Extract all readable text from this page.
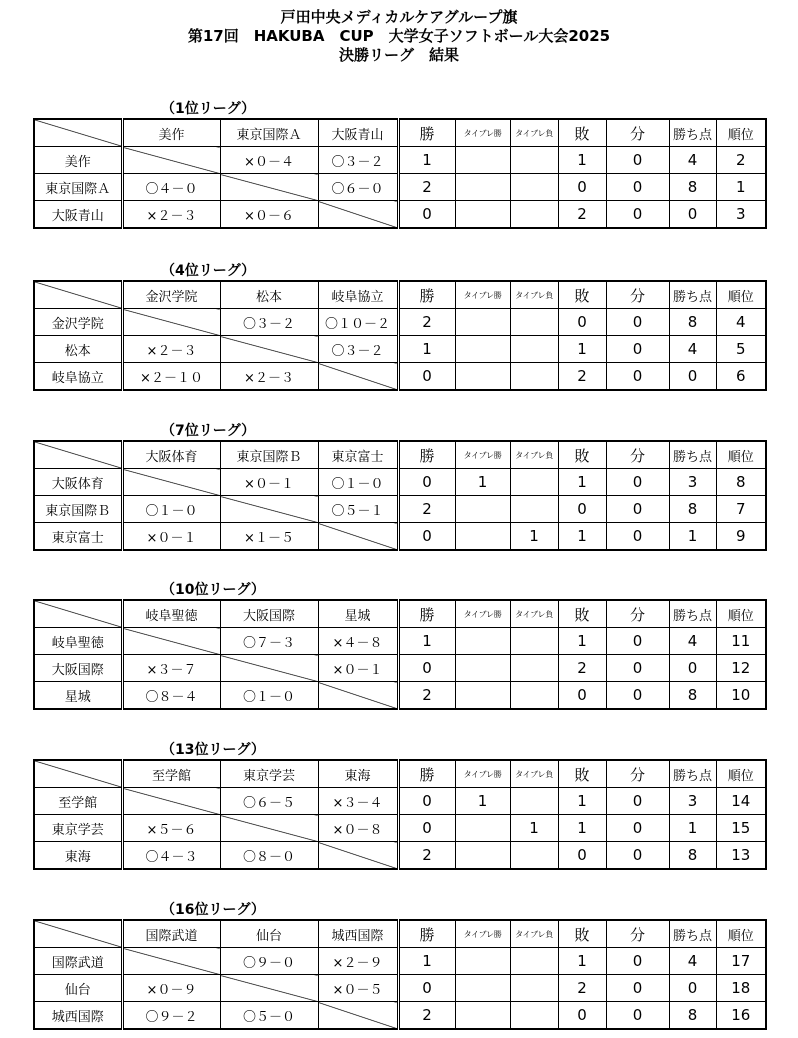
戸田中央メディカルケアグループ旗
第17回　HAKUBA　CUP　大学女子ソフトボール大会2025
決勝リーグ　結果
（1位リーグ）
	美作	東京国際Ａ	大阪青山	勝	タイブレ勝	タイブレ負	敗	分	勝ち点	順位
美作		×０－４	〇３－２	1			1	0	4	2
東京国際Ａ	〇４－０		〇６－０	2			0	0	8	1
大阪青山	×２－３	×０－６		0			2	0	0	3
（4位リーグ）
	金沢学院	松本	岐阜協立	勝	タイブレ勝	タイブレ負	敗	分	勝ち点	順位
金沢学院		〇３－２	〇１０－２	2			0	0	8	4
松本	×２－３		〇３－２	1			1	0	4	5
岐阜協立	×２－１０	×２－３		0			2	0	0	6
（7位リーグ）
	大阪体育	東京国際Ｂ	東京富士	勝	タイブレ勝	タイブレ負	敗	分	勝ち点	順位
大阪体育		×０－１	〇１－０	0	1		1	0	3	8
東京国際Ｂ	〇１－０		〇５－１	2			0	0	8	7
東京富士	×０－１	×１－５		0		1	1	0	1	9
（10位リーグ）
	岐阜聖徳	大阪国際	星城	勝	タイブレ勝	タイブレ負	敗	分	勝ち点	順位
岐阜聖徳		〇７－３	×４－８	1			1	0	4	11
大阪国際	×３－７		×０－１	0			2	0	0	12
星城	〇８－４	〇１－０		2			0	0	8	10
（13位リーグ）
	至学館	東京学芸	東海	勝	タイブレ勝	タイブレ負	敗	分	勝ち点	順位
至学館		〇６－５	×３－４	0	1		1	0	3	14
東京学芸	×５－６		×０－８	0		1	1	0	1	15
東海	〇４－３	〇８－０		2			0	0	8	13
（16位リーグ）
	国際武道	仙台	城西国際	勝	タイブレ勝	タイブレ負	敗	分	勝ち点	順位
国際武道		〇９－０	×２－９	1			1	0	4	17
仙台	×０－９		×０－５	0			2	0	0	18
城西国際	〇９－２	〇５－０		2			0	0	8	16
